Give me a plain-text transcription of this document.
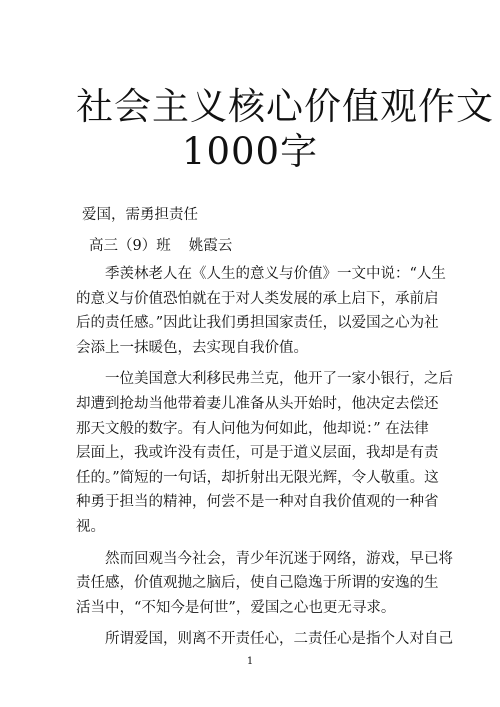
社会主义核心价值观作文
1000字
爱国，需勇担责任
高三（9）班 姚霞云

季羡林老人在《人生的意义与价值》一文中说：“人生
的意义与价值恐怕就在于对人类发展的承上启下，承前启
后的责任感。”因此让我们勇担国家责任，以爱国之心为社
会添上一抹暖色，去实现自我价值。

一位美国意大利移民弗兰克，他开了一家小银行，之后
却遭到抢劫当他带着妻儿准备从头开始时，他决定去偿还
那天文般的数字。有人问他为何如此，他却说：” 在法律
层面上，我或许没有责任，可是于道义层面，我却是有责
任的。”简短的一句话，却折射出无限光辉，令人敬重。这
种勇于担当的精神，何尝不是一种对自我价值观的一种省
视。

然而回观当今社会，青少年沉迷于网络，游戏，早已将
责任感，价值观抛之脑后，使自己隐逸于所谓的安逸的生
活当中，“不知今是何世”，爱国之心也更无寻求。

所谓爱国，则离不开责任心，二责任心是指个人对自己

1
